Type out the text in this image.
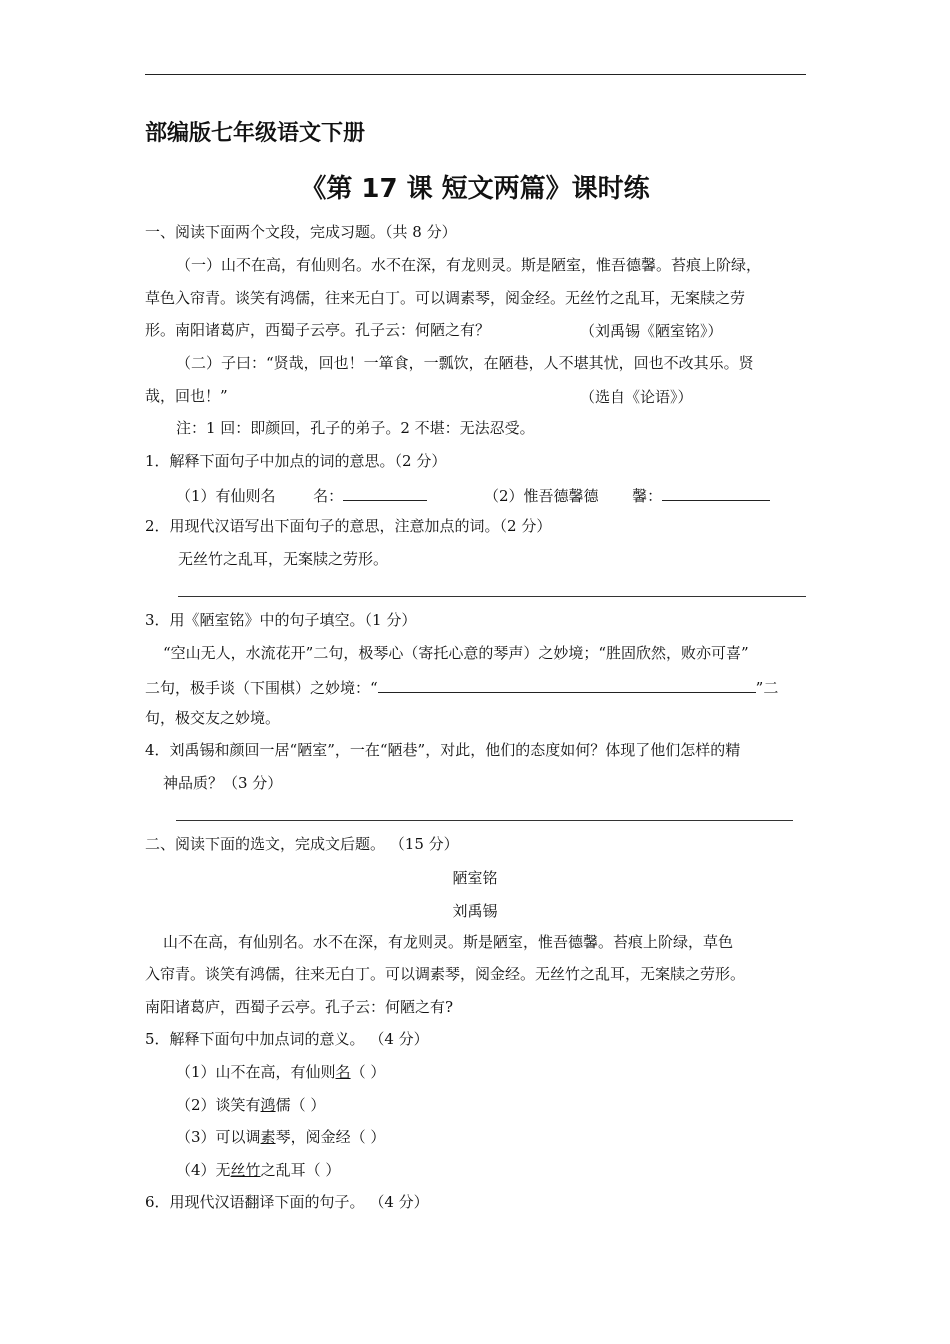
部编版七年级语文下册
《第 17 课 短文两篇》课时练
一、阅读下面两个文段，完成习题。（共 8 分）
（一）山不在高，有仙则名。水不在深，有龙则灵。斯是陋室，惟吾德馨。苔痕上阶绿，
草色入帘青。谈笑有鸿儒，往来无白丁。可以调素琴，阅金经。无丝竹之乱耳，无案牍之劳
形。南阳诸葛庐，西蜀子云亭。孔子云：何陋之有？	（刘禹锡《陋室铭》）
（二）子曰：“贤哉，回也！一箪食，一瓢饮，在陋巷，人不堪其忧，回也不改其乐。贤
哉，回也！”	（选自《论语》）
注：1 回：即颜回，孔子的弟子。2 不堪：无法忍受。
1．解释下面句子中加点的词的意思。（2 分）
（1）有仙则名	名：	（2）惟吾德馨德 馨：
2．用现代汉语写出下面句子的意思，注意加点的词。（2 分）
无丝竹之乱耳，无案牍之劳形。
3．用《陋室铭》中的句子填空。（1 分）
“空山无人，水流花开”二句，极琴心（寄托心意的琴声）之妙境；“胜固欣然，败亦可喜”
二句，极手谈（下围棋）之妙境：“	”二
句，极交友之妙境。
4．刘禹锡和颜回一居“陋室”，一在“陋巷”，对此，他们的态度如何？体现了他们怎样的精
神品质？（3 分）
二、阅读下面的选文，完成文后题。 （15 分）
陋室铭
刘禹锡
山不在高，有仙别名。水不在深，有龙则灵。斯是陋室，惟吾德馨。苔痕上阶绿，草色
入帘青。谈笑有鸿儒，往来无白丁。可以调素琴，阅金经。无丝竹之乱耳，无案牍之劳形。
南阳诸葛庐，西蜀子云亭。孔子云：何陋之有?
5．解释下面句中加点词的意义。 （4 分）
（1）山不在高，有仙则名（ ）
（2）谈笑有鸿儒（ ）
（3）可以调素琴，阅金经（ ）
（4）无丝竹之乱耳（ ）
6．用现代汉语翻译下面的句子。 （4 分）
